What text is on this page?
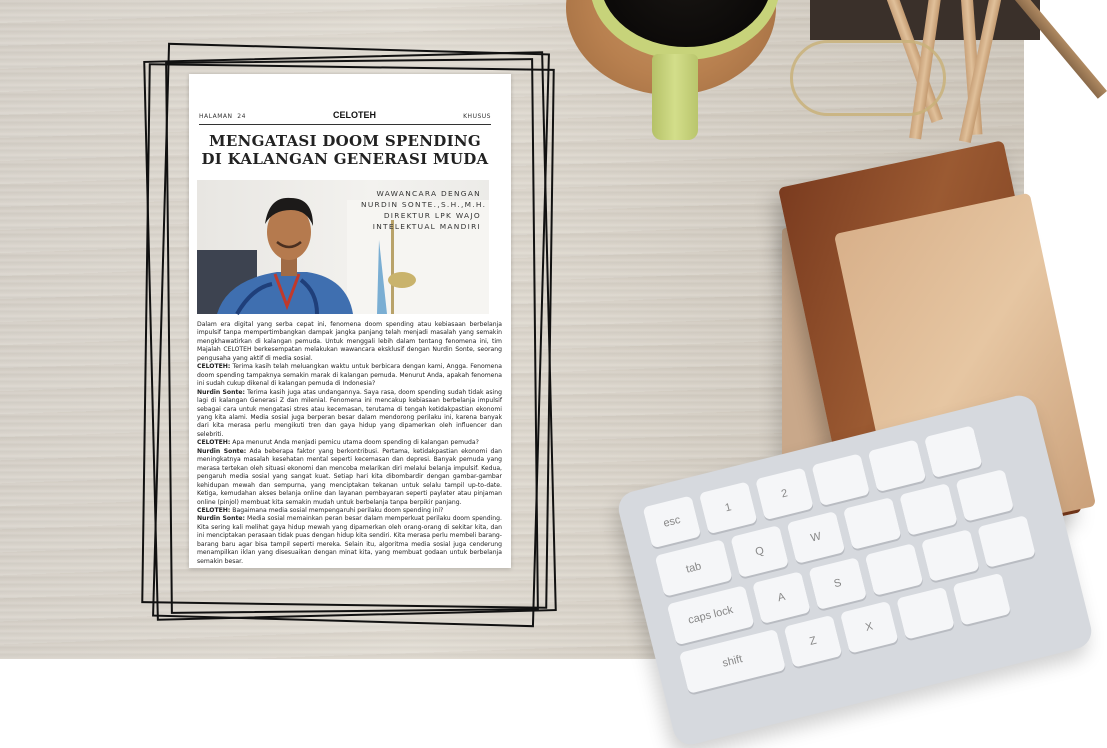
esc
1
2
tab
Q
W
caps lock
A
S
shift
Z
X
HALAMAN  24	CELOTEH	KHUSUS
MENGATASI DOOM SPENDING
DI KALANGAN GENERASI MUDA
WAWANCARA DENGAN
NURDIN SONTE.,S.H.,M.H.
DIREKTUR LPK WAJO
INTELEKTUAL MANDIRI

Dalam era digital yang serba cepat ini, fenomena doom spending atau kebiasaan berbelanja impulsif tanpa mempertimbangkan dampak jangka panjang telah menjadi masalah yang semakin mengkhawatirkan di kalangan pemuda. Untuk menggali lebih dalam tentang fenomena ini, tim Majalah CELOTEH berkesempatan melakukan wawancara eksklusif dengan Nurdin Sonte, seorang pengusaha yang aktif di media sosial.

CELOTEH: Terima kasih telah meluangkan waktu untuk berbicara dengan kami, Angga. Fenomena doom spending tampaknya semakin marak di kalangan pemuda. Menurut Anda, apakah fenomena ini sudah cukup dikenal di kalangan pemuda di Indonesia?

Nurdin Sonte: Terima kasih juga atas undangannya. Saya rasa, doom spending sudah tidak asing lagi di kalangan Generasi Z dan milenial. Fenomena ini mencakup kebiasaan berbelanja impulsif sebagai cara untuk mengatasi stres atau kecemasan, terutama di tengah ketidakpastian ekonomi yang kita alami. Media sosial juga berperan besar dalam mendorong perilaku ini, karena banyak dari kita merasa perlu mengikuti tren dan gaya hidup yang dipamerkan oleh influencer dan selebriti.

CELOTEH: Apa menurut Anda menjadi pemicu utama doom spending di kalangan pemuda?

Nurdin Sonte: Ada beberapa faktor yang berkontribusi. Pertama, ketidakpastian ekonomi dan meningkatnya masalah kesehatan mental seperti kecemasan dan depresi. Banyak pemuda yang merasa tertekan oleh situasi ekonomi dan mencoba melarikan diri melalui belanja impulsif. Kedua, pengaruh media sosial yang sangat kuat. Setiap hari kita dibombardir dengan gambar-gambar kehidupan mewah dan sempurna, yang menciptakan tekanan untuk selalu tampil up-to-date. Ketiga, kemudahan akses belanja online dan layanan pembayaran seperti paylater atau pinjaman online (pinjol) membuat kita semakin mudah untuk berbelanja tanpa berpikir panjang.

CELOTEH: Bagaimana media sosial mempengaruhi perilaku doom spending ini?

Nurdin Sonte: Media sosial memainkan peran besar dalam memperkuat perilaku doom spending. Kita sering kali melihat gaya hidup mewah yang dipamerkan oleh orang-orang di sekitar kita, dan ini menciptakan perasaan tidak puas dengan hidup kita sendiri. Kita merasa perlu membeli barang-barang baru agar bisa tampil seperti mereka. Selain itu, algoritma media sosial juga cenderung menampilkan iklan yang disesuaikan dengan minat kita, yang membuat godaan untuk berbelanja semakin besar.
